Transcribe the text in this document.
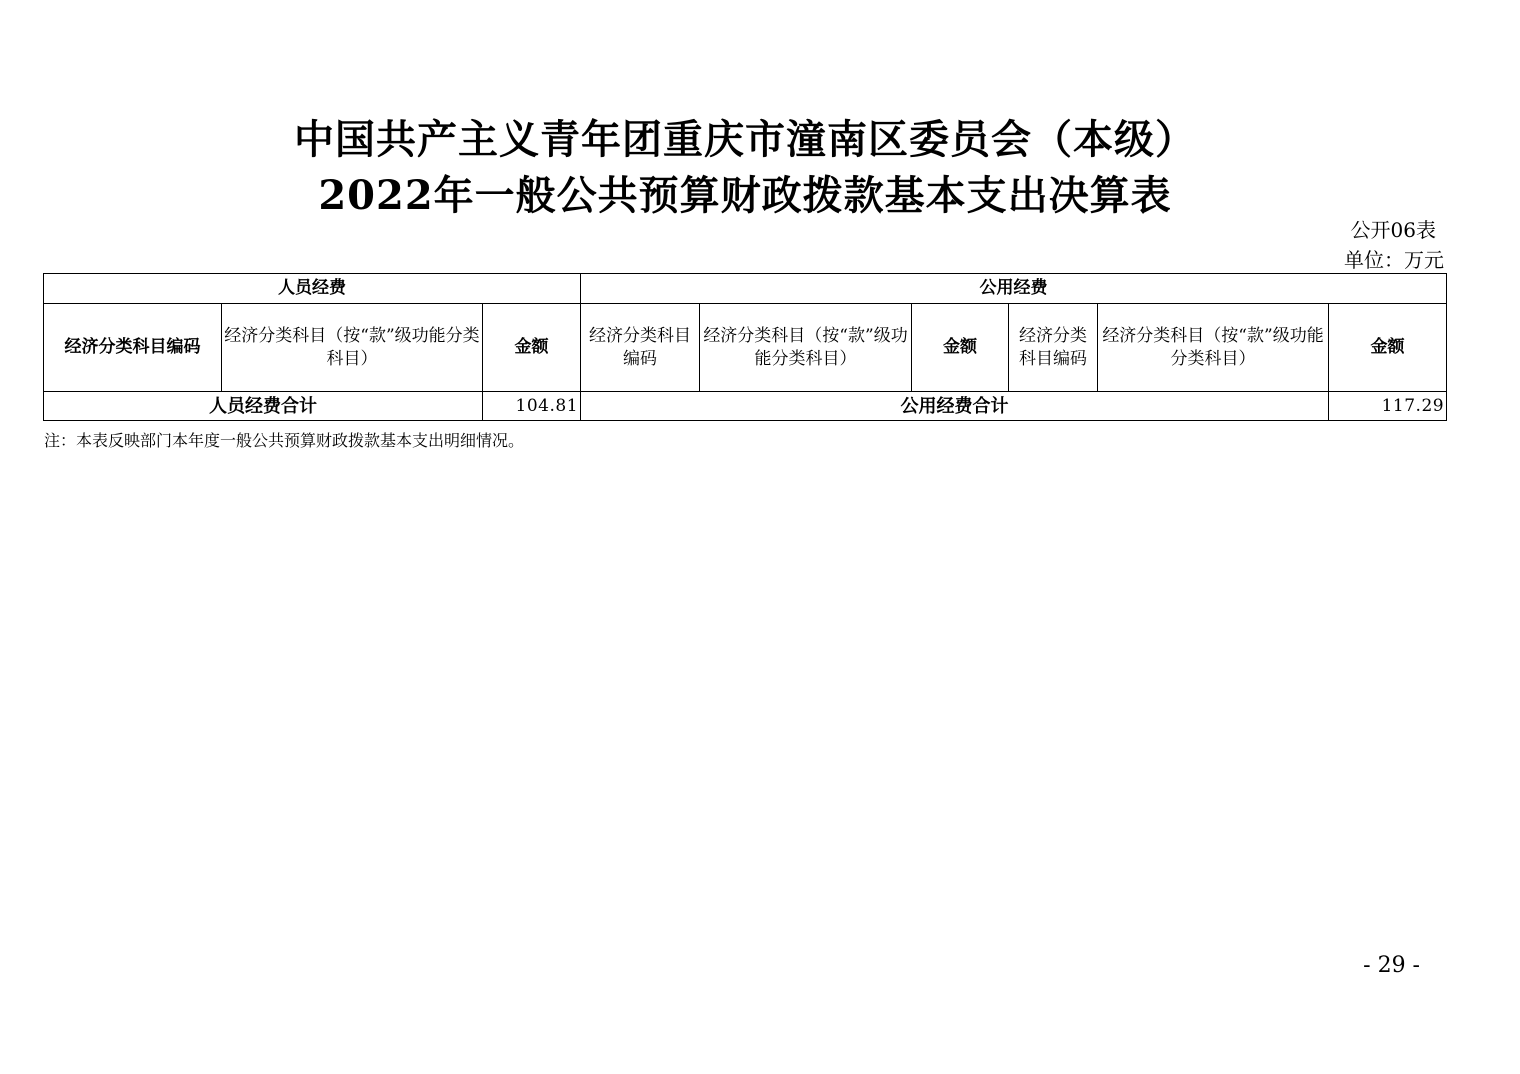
中国共产主义青年团重庆市潼南区委员会（本级）
2022年一般公共预算财政拨款基本支出决算表
公开06表
单位：万元
人员经费			公用经费					
经济分类科目编码	经济分类科目（按“款”级功能分类科目）	金额	经济分类科目编码	经济分类科目（按“款”级功能分类科目）	金额	经济分类科目编码	经济分类科目（按“款”级功能分类科目）	金额
人员经费合计		104.81	公用经费合计					117.29
注：本表反映部门本年度一般公共预算财政拨款基本支出明细情况。
- 29 -
